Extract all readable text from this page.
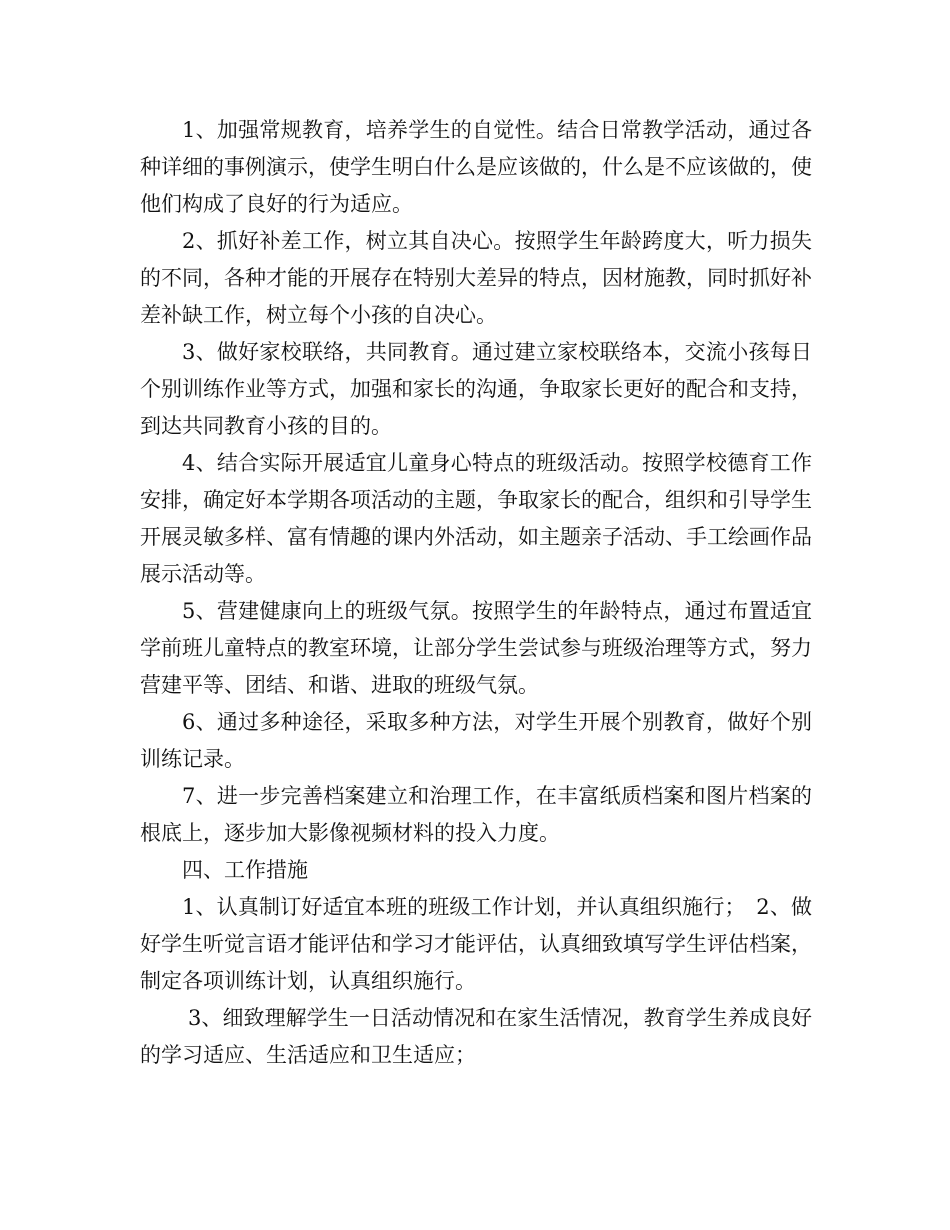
1、加强常规教育，培养学生的自觉性。结合日常教学活动，通过各种详细的事例演示，使学生明白什么是应该做的，什么是不应该做的，使他们构成了良好的行为适应。

2、抓好补差工作，树立其自决心。按照学生年龄跨度大，听力损失的不同，各种才能的开展存在特别大差异的特点，因材施教，同时抓好补差补缺工作，树立每个小孩的自决心。

3、做好家校联络，共同教育。通过建立家校联络本，交流小孩每日个别训练作业等方式，加强和家长的沟通，争取家长更好的配合和支持，到达共同教育小孩的目的。

4、结合实际开展适宜儿童身心特点的班级活动。按照学校德育工作安排，确定好本学期各项活动的主题，争取家长的配合，组织和引导学生开展灵敏多样、富有情趣的课内外活动，如主题亲子活动、手工绘画作品展示活动等。

5、营建健康向上的班级气氛。按照学生的年龄特点，通过布置适宜学前班儿童特点的教室环境，让部分学生尝试参与班级治理等方式，努力营建平等、团结、和谐、进取的班级气氛。

6、通过多种途径，采取多种方法，对学生开展个别教育，做好个别训练记录。

7、进一步完善档案建立和治理工作，在丰富纸质档案和图片档案的根底上，逐步加大影像视频材料的投入力度。

四、工作措施

1、认真制订好适宜本班的班级工作计划，并认真组织施行；　2、做好学生听觉言语才能评估和学习才能评估，认真细致填写学生评估档案，制定各项训练计划，认真组织施行。

3、细致理解学生一日活动情况和在家生活情况，教育学生养成良好的学习适应、生活适应和卫生适应；
